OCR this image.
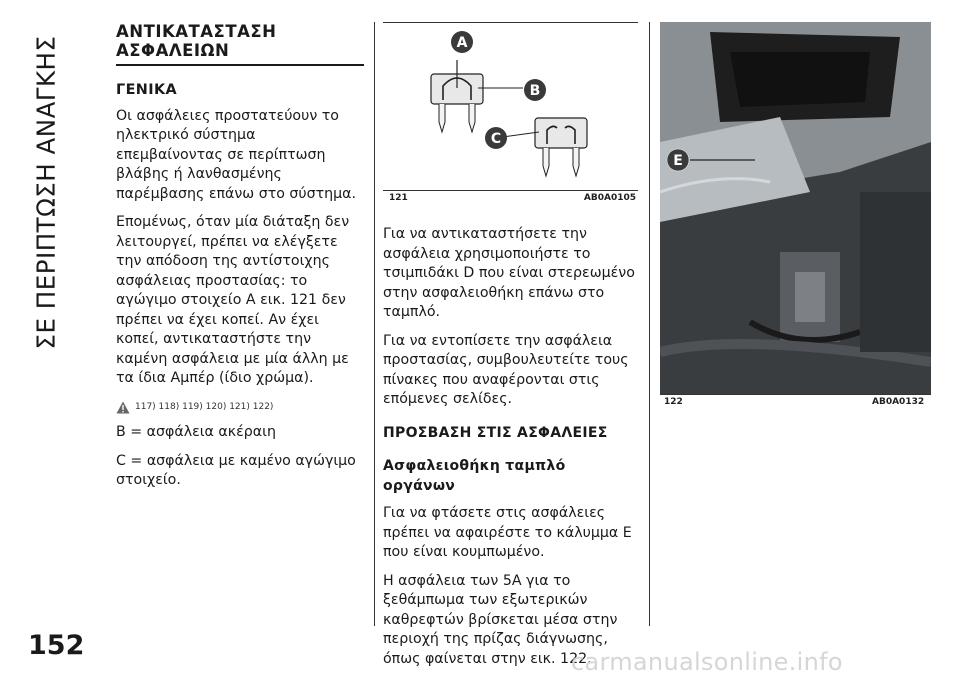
ΣΕ ΠΕΡΙΠΤΩΣΗ ΑΝΑΓΚΗΣ
152
ΑΝΤΙΚΑΤΑΣΤΑΣΗ
ΑΣΦΑΛΕΙΩΝ
ΓΕΝΙΚΑ

Οι ασφάλειες προστατεύουν το ηλεκτρικό σύστημα επεμβαίνοντας σε περίπτωση βλάβης ή λανθασμένης παρέμβασης επάνω στο σύστημα.

Επομένως, όταν μία διάταξη δεν λειτουργεί, πρέπει να ελέγξετε την απόδοση της αντίστοιχης ασφάλειας προστασίας: το αγώγιμο στοιχείο A εικ. 121 δεν πρέπει να έχει κοπεί. Αν έχει κοπεί, αντικαταστήστε την καμένη ασφάλεια με μία άλλη με τα ίδια Αμπέρ (ίδιο χρώμα).

117) 118) 119) 120) 121) 122)

B = ασφάλεια ακέραιη

C = ασφάλεια με καμένο αγώγιμο στοιχείο.

A
B
C
121	AB0A0105

Για να αντικαταστήσετε την ασφάλεια χρησιμοποιήστε το τσιμπιδάκι D που είναι στερεωμένο στην ασφαλειοθήκη επάνω στο ταμπλό.

Για να εντοπίσετε την ασφάλεια προστασίας, συμβουλευτείτε τους πίνακες που αναφέρονται στις επόμενες σελίδες.

ΠΡΟΣΒΑΣΗ ΣΤΙΣ ΑΣΦΑΛΕΙΕΣ
Ασφαλειοθήκη ταμπλό οργάνων

Για να φτάσετε στις ασφάλειες πρέπει να αφαιρέστε το κάλυμμα E που είναι κουμπωμένο.

Η ασφάλεια των 5A για το ξεθάμπωμα των εξωτερικών καθρεφτών βρίσκεται μέσα στην περιοχή της πρίζας διάγνωσης, όπως φαίνεται στην εικ. 122.

E
122	AB0A0132
carmanualsonline.info
